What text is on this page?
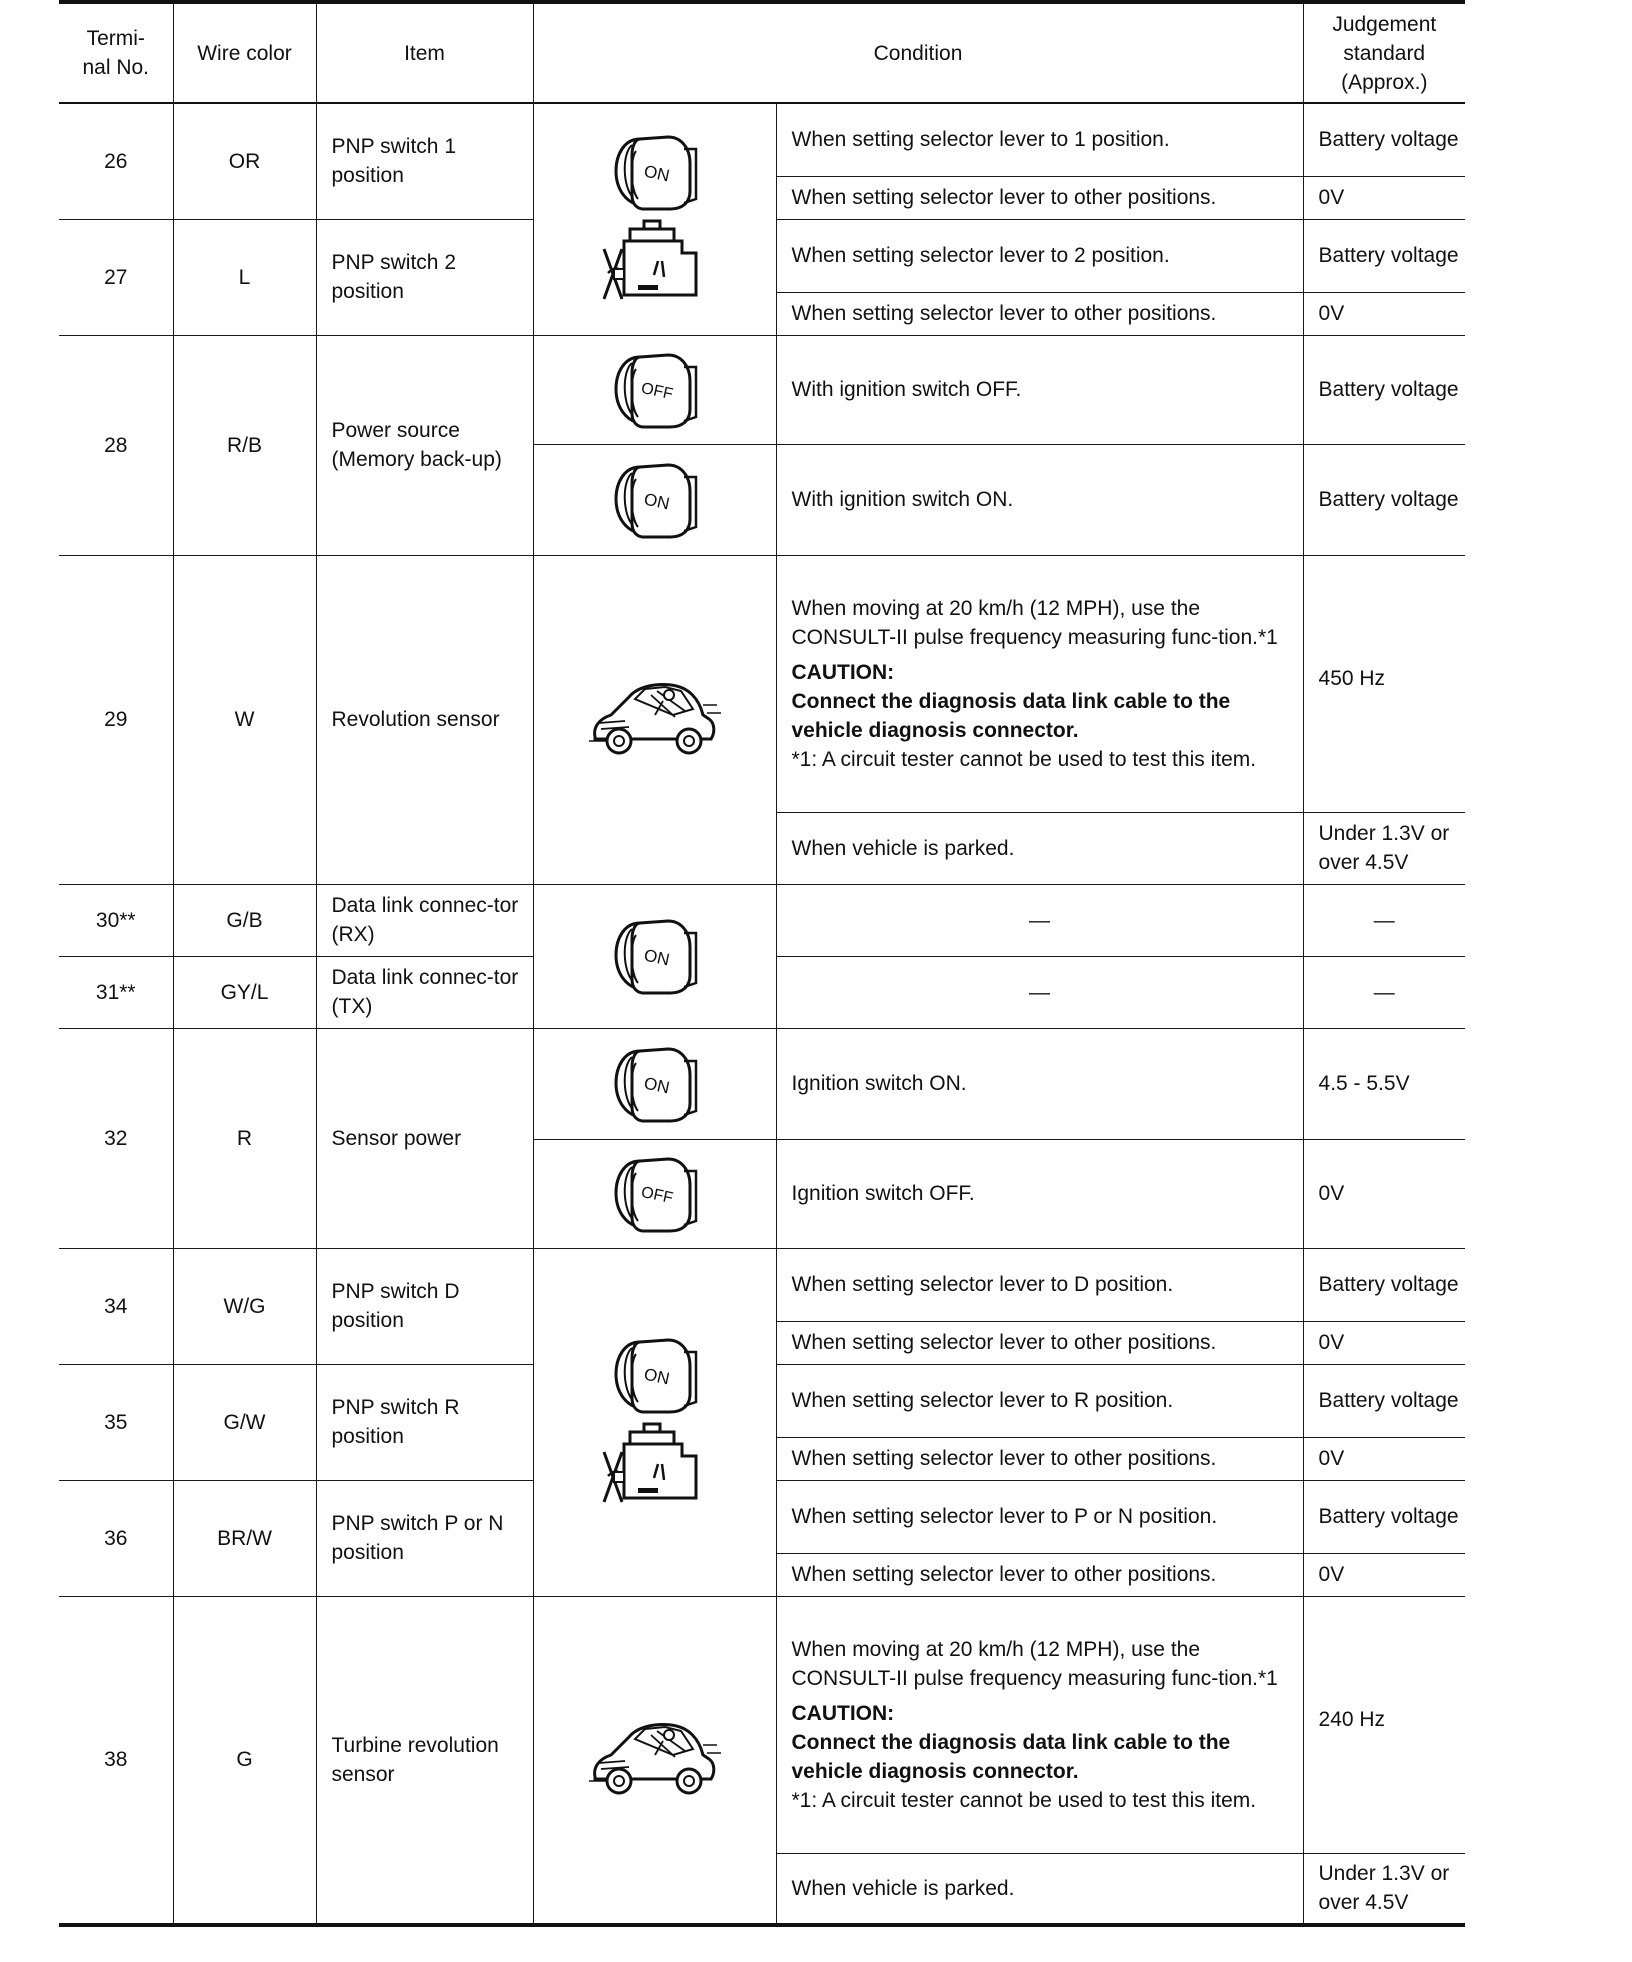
Termi-
nal No.	Wire color	Item	Condition		Judgement
standard
(Approx.)
26	OR	PNP switch 1 position	ON	When setting selector lever to 1 position.	Battery voltage
				When setting selector lever to other positions.	0V
27	L	PNP switch 2 position		When setting selector lever to 2 position.	Battery voltage
				When setting selector lever to other positions.	0V
28	R/B	Power source (Memory back-up)	OFF	With ignition switch OFF.	Battery voltage

			ON	With ignition switch ON.	Battery voltage
29	W	Revolution sensor		When moving at 20 km/h (12 MPH), use the CONSULT-II pulse frequency measuring func-tion.*1

CAUTION:

Connect the diagnosis data link cable to the vehicle diagnosis connector.

*1: A circuit tester cannot be used to test this item.	450 Hz
				When vehicle is parked.	Under 1.3V or over 4.5V
30**	G/B	Data link connec-tor (RX)	ON	—	—
31**	GY/L	Data link connec-tor (TX)		—	—
32	R	Sensor power	ON	Ignition switch ON.	4.5 - 5.5V

			OFF	Ignition switch OFF.	0V
34	W/G	PNP switch D position	ON	When setting selector lever to D position.	Battery voltage
				When setting selector lever to other positions.	0V
35	G/W	PNP switch R position		When setting selector lever to R position.	Battery voltage
				When setting selector lever to other positions.	0V
36	BR/W	PNP switch P or N position		When setting selector lever to P or N position.	Battery voltage
				When setting selector lever to other positions.	0V
38	G	Turbine revolution sensor		When moving at 20 km/h (12 MPH), use the CONSULT-II pulse frequency measuring func-tion.*1

CAUTION:

Connect the diagnosis data link cable to the vehicle diagnosis connector.

*1: A circuit tester cannot be used to test this item.	240 Hz
				When vehicle is parked.	Under 1.3V or over 4.5V
